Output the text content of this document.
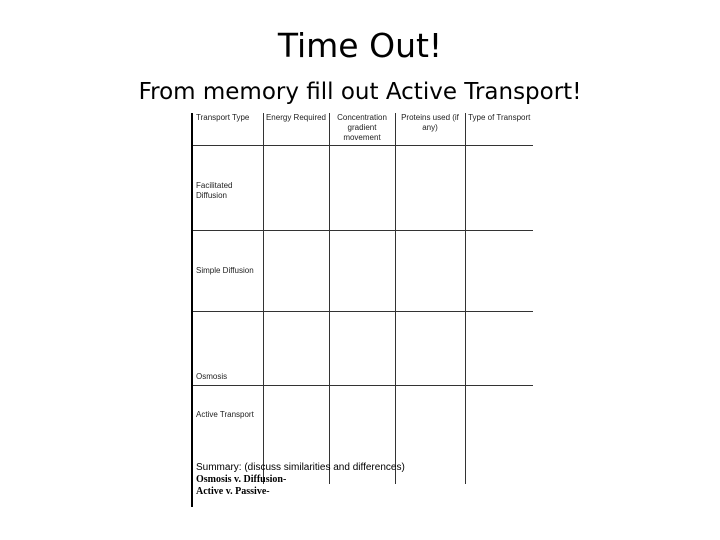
Time Out!
From memory fill out Active Transport!
Transport Type	Energy Required	Concentration gradient movement	Proteins used (if any)	Type of Transport
Facilitated Diffusion				
Simple Diffusion				
Osmosis				
Active Transport				
Summary: (discuss similarities and differences)
Osmosis v. Diffusion-
Active v. Passive-
